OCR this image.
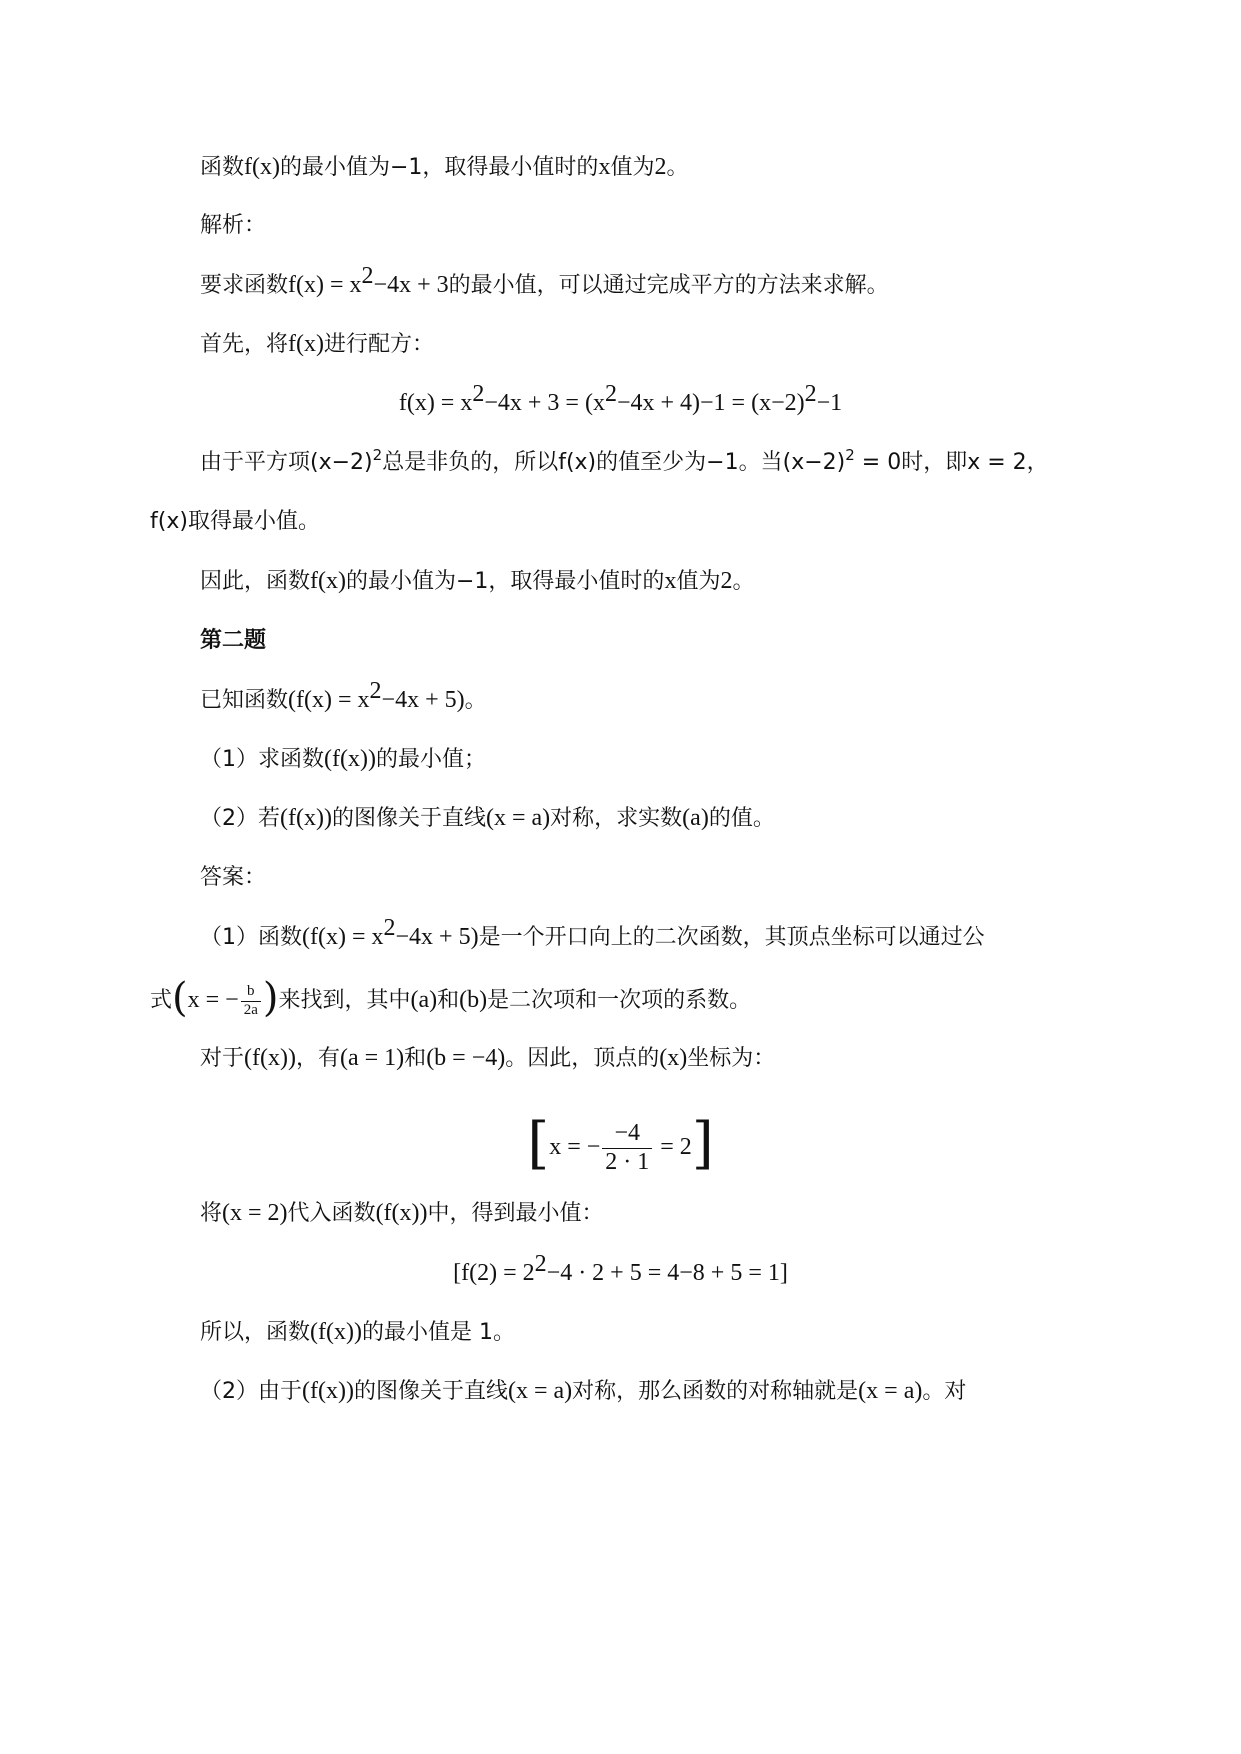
函数f(x)的最小值为−1，取得最小值时的x值为2。
解析：
要求函数$f(x) = x^2-4x + 3$的最小值，可以通过完成平方的方法来求解。
首先，将f(x)进行配方：
$f(x) = x^2-4x + 3 = (x^2-4x + 4)-1 = (x-2)^2-1$
由于平方项$(x-2)^2$总是非负的，所以f(x)的值至少为−1。当$(x-2)^2 = 0$时，即x = 2，
f(x)取得最小值。
因此，函数f(x)的最小值为−1，取得最小值时的x值为2。
第二题
已知函数$(f(x) = x^2-4x + 5)$。
（1）求函数(f(x))的最小值；
（2）若(f(x))的图像关于直线(x = a)对称，求实数(a)的值。
答案：
（1）函数$(f(x) = x^2-4x + 5)$是一个开口向上的二次函数，其顶点坐标可以通过公
式(x = − $\frac{b}{2a}$ )来找到，其中(a)和(b)是二次项和一次项的系数。
对于(f(x))，有(a = 1)和(b = −4)。因此，顶点的(x)坐标为：
[x = − $\frac{-4}{2 \cdot 1} = 2$]
将(x = 2)代入函数(f(x))中，得到最小值：
$[f(2) = 2^2-4 \cdot 2 + 5 = 4-8 + 5 = 1]$
所以，函数(f(x))的最小值是 1。
（2）由于(f(x))的图像关于直线(x = a)对称，那么函数的对称轴就是(x = a)。对
